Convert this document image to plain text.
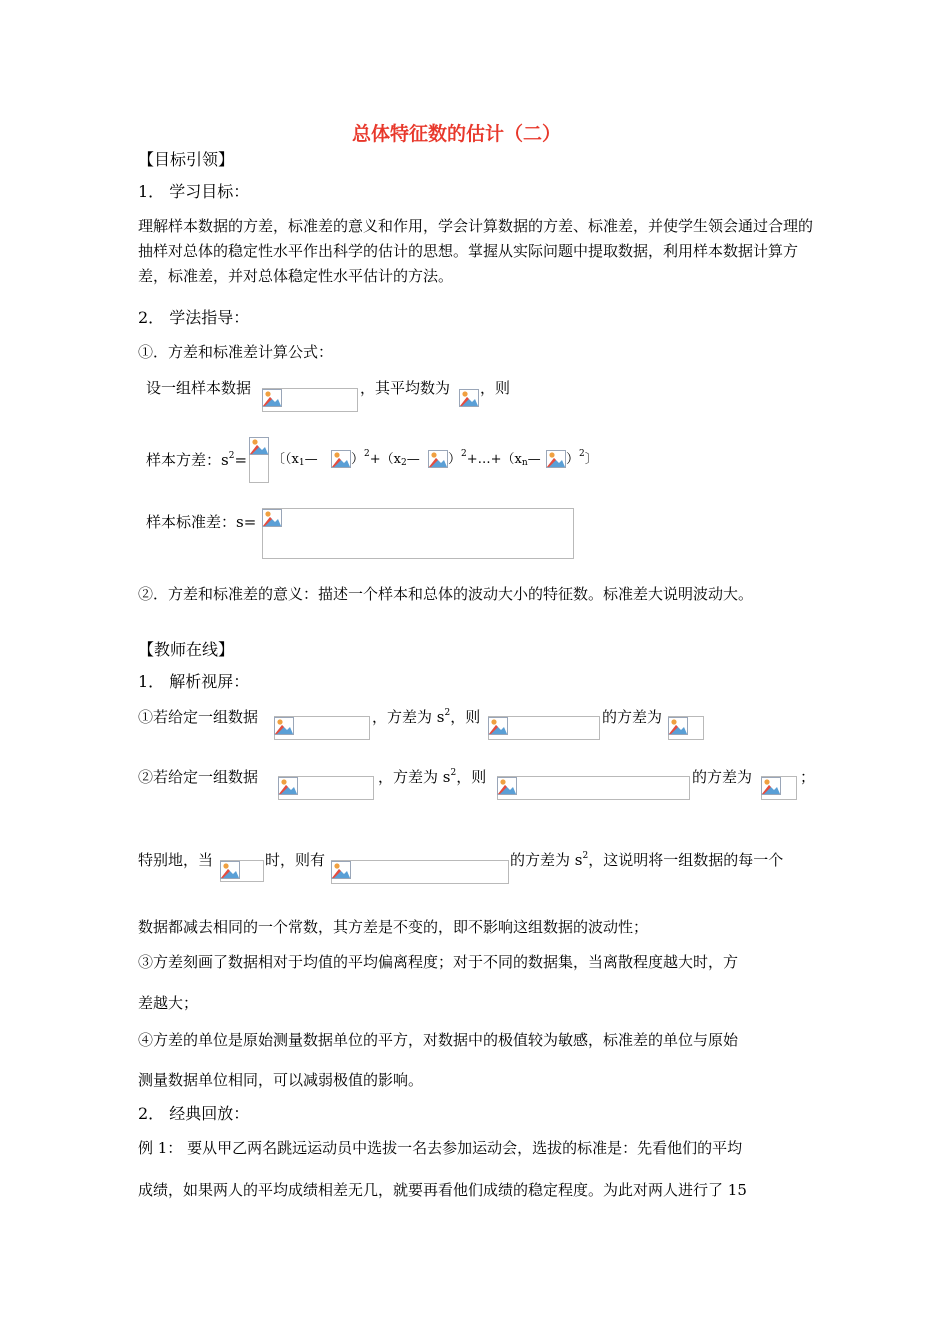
总体特征数的估计（二）
【目标引领】
1． 学习目标：
理解样本数据的方差，标准差的意义和作用，学会计算数据的方差、标准差，并使学生领会通过合理的抽样对总体的稳定性水平作出科学的估计的思想。掌握从实际问题中提取数据，利用样本数据计算方差，标准差，并对总体稳定性水平估计的方法。
2． 学法指导：
①．方差和标准差计算公式：
设一组样本数据	，其平均数为 ，则
样本方差：$s^2=$ 〔（$x_1—$	）$^2+(x_2—$ ）$^2+\dots+(x_n—$ ）$^2$〕
样本标准差：s=
②．方差和标准差的意义：描述一个样本和总体的波动大小的特征数。标准差大说明波动大。
【教师在线】
1． 解析视屏：
①若给定一组数据	，方差为 $s^2$，则	的方差为
②若给定一组数据	，方差为 $s^2$，则	的方差为	；
特别地，当	时，则有	的方差为 $s^2$，这说明将一组数据的每一个
数据都减去相同的一个常数，其方差是不变的，即不影响这组数据的波动性；
③方差刻画了数据相对于均值的平均偏离程度；对于不同的数据集，当离散程度越大时，方
差越大；
④方差的单位是原始测量数据单位的平方，对数据中的极值较为敏感，标准差的单位与原始
测量数据单位相同，可以减弱极值的影响。
2． 经典回放：
例 1： 要从甲乙两名跳远运动员中选拔一名去参加运动会，选拔的标准是：先看他们的平均
成绩，如果两人的平均成绩相差无几，就要再看他们成绩的稳定程度。为此对两人进行了 15
